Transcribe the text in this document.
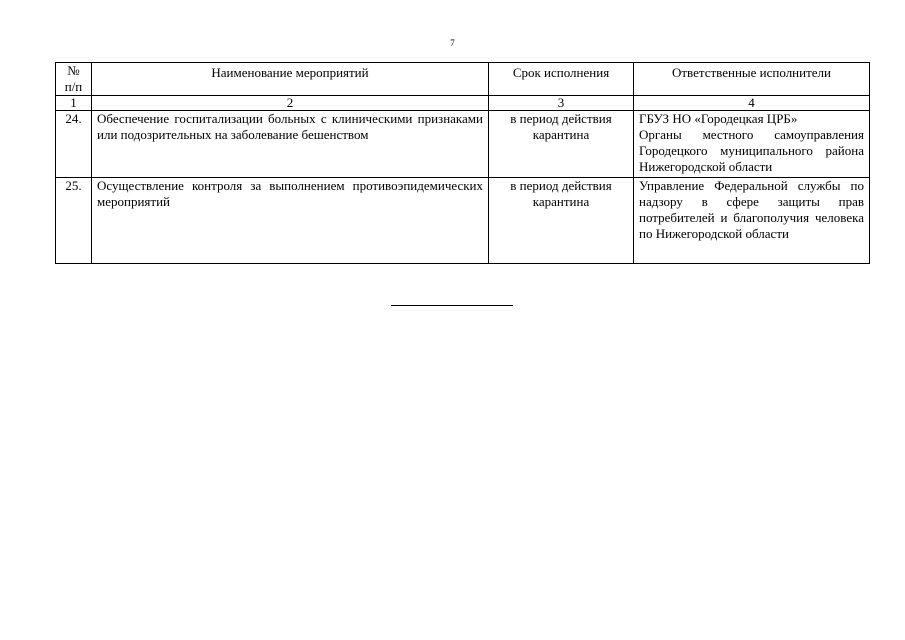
7
№ п/п	Наименование мероприятий	Срок исполнения	Ответственные исполнители
1	2	3	4
24.	Обеспечение госпитализации больных с клиническими признаками или подозрительных на заболевание бешенством	в период действия карантина	ГБУЗ НО «Городецкая ЦРБ»
Органы местного самоуправления Городецкого муниципального района Нижегородской области

25.	Осуществление контроля за выполнением противоэпидемических мероприятий	в период действия карантина	Управление Федеральной службы по надзору в сфере защиты прав потребителей и благополучия человека по Нижегородской области
